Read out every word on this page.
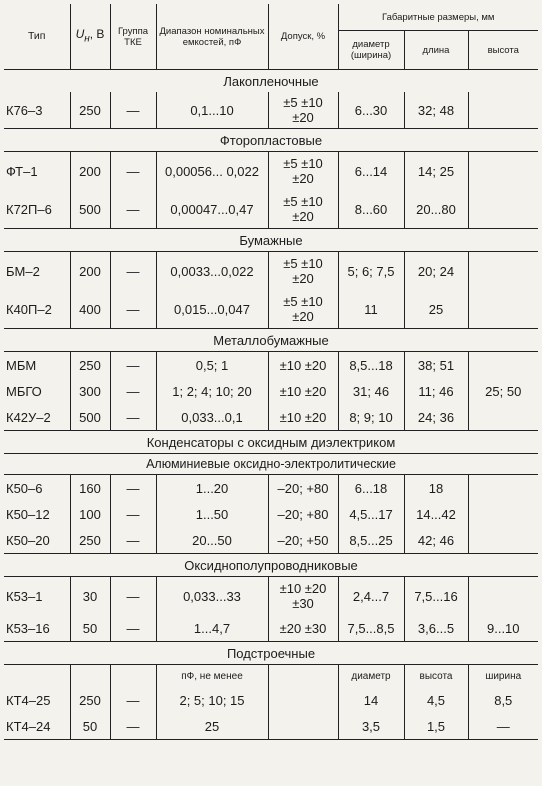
Тип	$U_н$, В	Группа ТКЕ	Диапазон номинальных емкостей, пФ	Допуск, %	Габаритные размеры, мм		
					диаметр (ширина)	длина	высота
Лакопленочные							
К76–3	250	—	0,1...10	±5 ±10 ±20	6...30	32; 48	
Фторопластовые							
ФТ–1	200	—	0,00056... 0,022	±5 ±10 ±20	6...14	14; 25	
К72П–6	500	—	0,00047...0,47	±5 ±10 ±20	8...60	20...80	
Бумажные							
БМ–2	200	—	0,0033...0,022	±5 ±10 ±20	5; 6; 7,5	20; 24	
К40П–2	400	—	0,015...0,047	±5 ±10 ±20	11	25	
Металлобумажные							
МБМ	250	—	0,5; 1	±10 ±20	8,5...18	38; 51	
МБГО	300	—	1; 2; 4; 10; 20	±10 ±20	31; 46	11; 46	25; 50
К42У–2	500	—	0,033...0,1	±10 ±20	8; 9; 10	24; 36	
Конденсаторы с оксидным диэлектриком							
Алюминиевые оксидно-электролитические							
К50–6	160	—	1...20	–20; +80	6...18	18	
К50–12	100	—	1...50	–20; +80	4,5...17	14...42	
К50–20	250	—	20...50	–20; +50	8,5...25	42; 46	
Оксиднополупроводниковые							
К53–1	30	—	0,033...33	±10 ±20 ±30	2,4...7	7,5...16	
К53–16	50	—	1...4,7	±20 ±30	7,5...8,5	3,6...5	9...10
Подстроечные							
			пФ, не менее		диаметр	высота	ширина
КТ4–25	250	—	2; 5; 10; 15		14	4,5	8,5
КТ4–24	50	—	25		3,5	1,5	—
